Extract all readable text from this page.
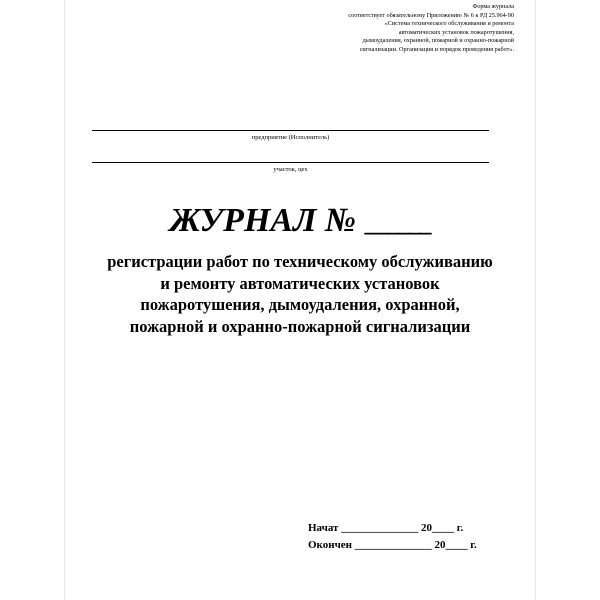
Форма журнала
соответствует обязательному Приложению № 6 к РД 25.964-90
«Система технического обслуживания и ремонта
автоматических установок пожаротушения,
дымоудаления, охранной, пожарной и охранно-пожарной
сигнализации. Организация и порядок проведения работ».
предприятие (Исполнитель)
участок, цех
ЖУРНАЛ № ______
регистрации работ по техническому обслуживанию
и ремонту автоматических установок
пожаротушения, дымоудаления, охранной,
пожарной и охранно-пожарной сигнализации
Начат ______________ 20____ г.
Окончен ______________ 20____ г.
